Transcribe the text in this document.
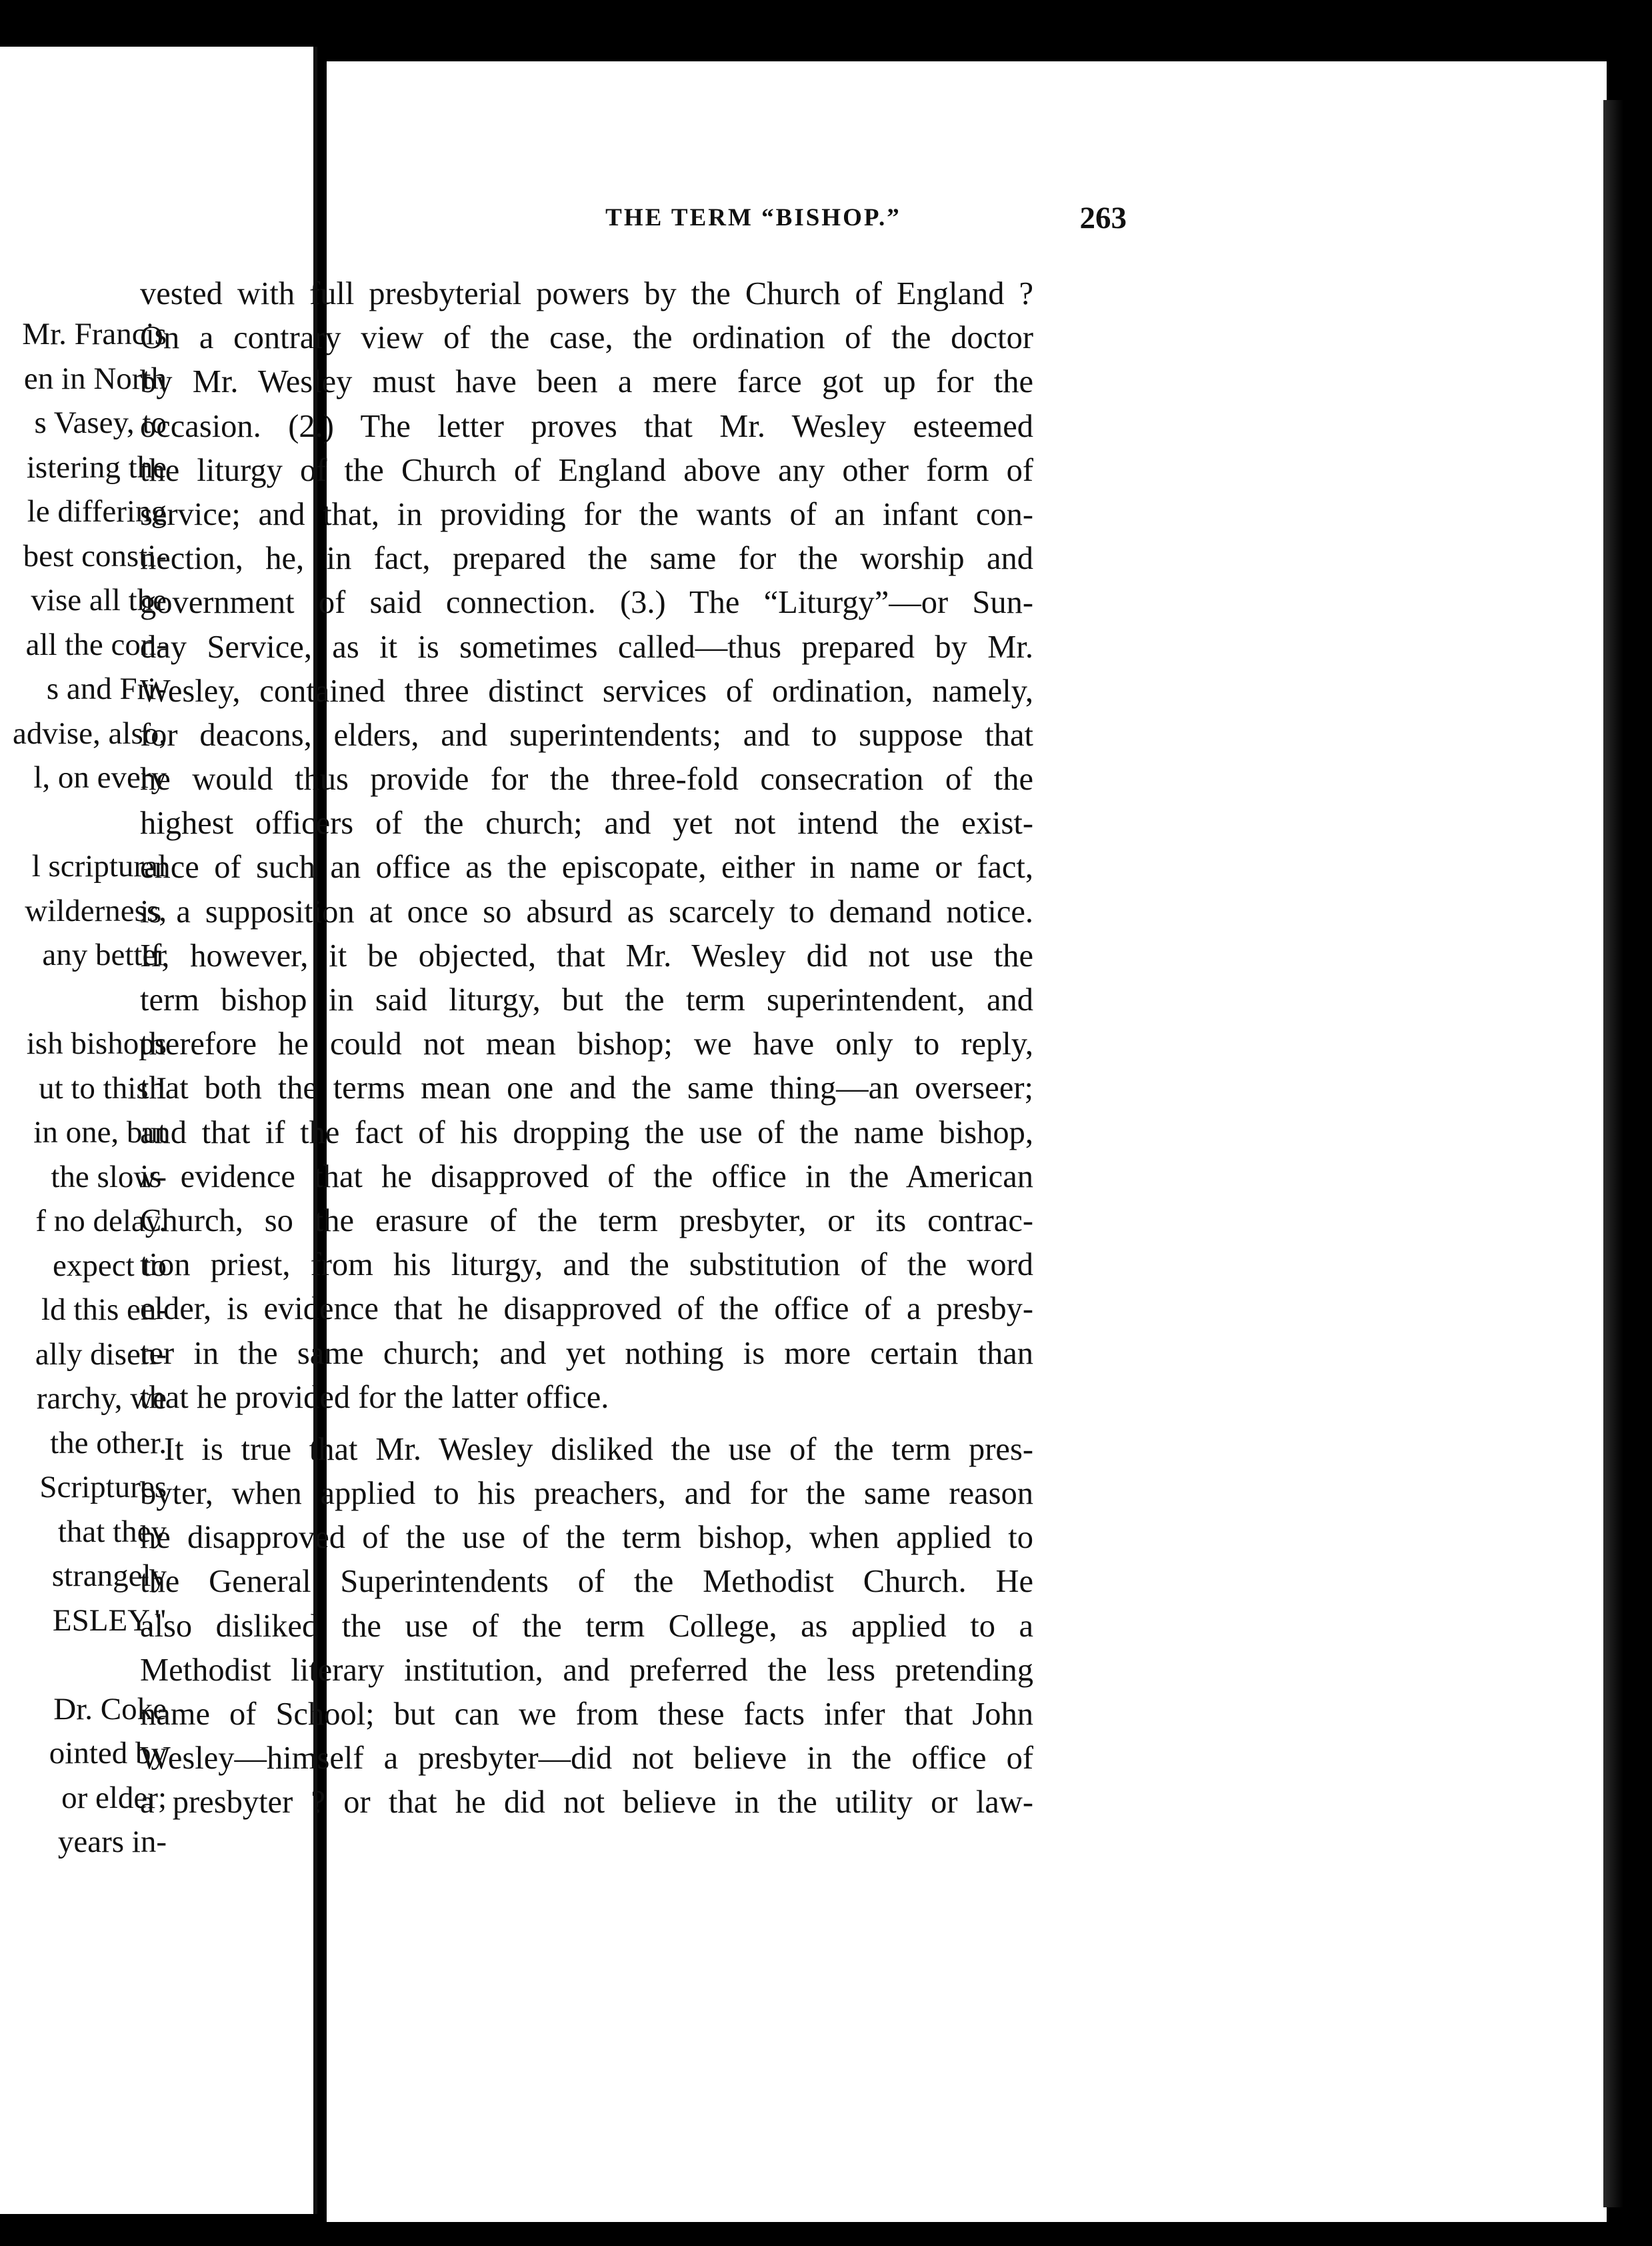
Mr. Francis
en in North
s Vasey, to
istering the
le differing
best consti-
vise all the
all the con-
s and Fri-
advise, also,
l, on every
l scriptural
wilderness,
any better
ish bishops
ut to this I
in one, but
the slow-
f no delay.
expect to
ld this en-
ally disen-
rarchy, we
the other.
Scriptures
that they
strangely
ESLEY."
Dr. Coke
ointed by
or elder;
years in-
THE TERM “BISHOP.”	263
vested with full presbyterial powers by the Church of England ?
On a contrary view of the case, the ordination of the doctor
by Mr. Wesley must have been a mere farce got up for the
occasion. (2.) The letter proves that Mr. Wesley esteemed
the liturgy of the Church of England above any other form of
service; and that, in providing for the wants of an infant con-
nection, he, in fact, prepared the same for the worship and
government of said connection. (3.) The “Liturgy”—or Sun-
day Service, as it is sometimes called—thus prepared by Mr.
Wesley, contained three distinct services of ordination, namely,
for deacons, elders, and superintendents; and to suppose that
he would thus provide for the three-fold consecration of the
highest officers of the church; and yet not intend the exist-
ence of such an office as the episcopate, either in name or fact,
is a supposition at once so absurd as scarcely to demand notice.
If, however, it be objected, that Mr. Wesley did not use the
term bishop in said liturgy, but the term superintendent, and
therefore he could not mean bishop; we have only to reply,
that both the terms mean one and the same thing—an overseer;
and that if the fact of his dropping the use of the name bishop,
is evidence that he disapproved of the office in the American
Church, so the erasure of the term presbyter, or its contrac-
tion priest, from his liturgy, and the substitution of the word
elder, is evidence that he disapproved of the office of a presby-
ter in the same church; and yet nothing is more certain than
that he provided for the latter office.
It is true that Mr. Wesley disliked the use of the term pres-
byter, when applied to his preachers, and for the same reason
he disapproved of the use of the term bishop, when applied to
the General Superintendents of the Methodist Church. He
also disliked the use of the term College, as applied to a
Methodist literary institution, and preferred the less pretending
name of School; but can we from these facts infer that John
Wesley—himself a presbyter—did not believe in the office of
a presbyter ? or that he did not believe in the utility or law-
